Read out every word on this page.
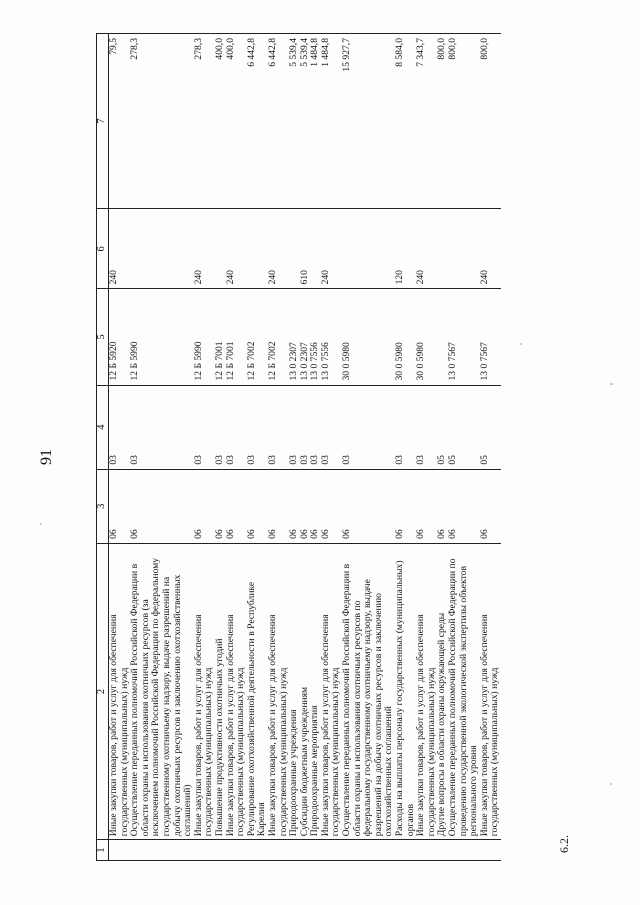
91
6.2.
1	2	3	4	5	6	7
	Иные закупки товаров, работ и услуг для обеспечения государственных (муниципальных) нужд	06	03	12 Б 5920	240	79,5
	Осуществление переданных полномочий Российской Федерации в области охраны и использования охотничьих ресурсов (за исключением полномочий Российской Федерации по федеральному государственному охотничьему надзору, выдаче разрешений на добычу охотничьих ресурсов и заключению охотхозяйственных соглашений)	06	03	12 Б 5990		278,3
	Иные закупки товаров, работ и услуг для обеспечения государственных (муниципальных) нужд	06	03	12 Б 5990	240	278,3
	Повышение продуктивности охотничьих угодий	06	03	12 Б 7001		400,0
	Иные закупки товаров, работ и услуг для обеспечения государственных (муниципальных) нужд	06	03	12 Б 7001	240	400,0
	Регулирование охотхозяйственной деятельности в Республике Карелия	06	03	12 Б 7002		6 442,8
	Иные закупки товаров, работ и услуг для обеспечения государственных (муниципальных) нужд	06	03	12 Б 7002	240	6 442,8
	Природоохранные учреждения	06	03	13 0 2307		5 539,4
	Субсидии бюджетным учреждениям	06	03	13 0 2307	610	5 539,4
	Природоохранные мероприятия	06	03	13 0 7556		1 484,8
	Иные закупки товаров, работ и услуг для обеспечения государственных (муниципальных) нужд	06	03	13 0 7556	240	1 484,8
	Осуществление переданных полномочий Российской Федерации в области охраны и использования охотничьих ресурсов по федеральному государственному охотничьему надзору, выдаче разрешений на добычу охотничьих ресурсов и заключению охотхозяйственных соглашений	06	03	30 0 5980		15 927,7
	Расходы на выплаты персоналу государственных (муниципальных) органов	06	03	30 0 5980	120	8 584,0
	Иные закупки товаров, работ и услуг для обеспечения государственных (муниципальных) нужд	06	03	30 0 5980	240	7 343,7
	Другие вопросы в области охраны окружающей среды	06	05			800,0
	Осуществление переданных полномочий Российской Федерации по проведению государственной экологической экспертизы объектов регионального уровня	06	05	13 0 7567		800,0
	Иные закупки товаров, работ и услуг для обеспечения государственных (муниципальных) нужд	06	05	13 0 7567	240	800,0
